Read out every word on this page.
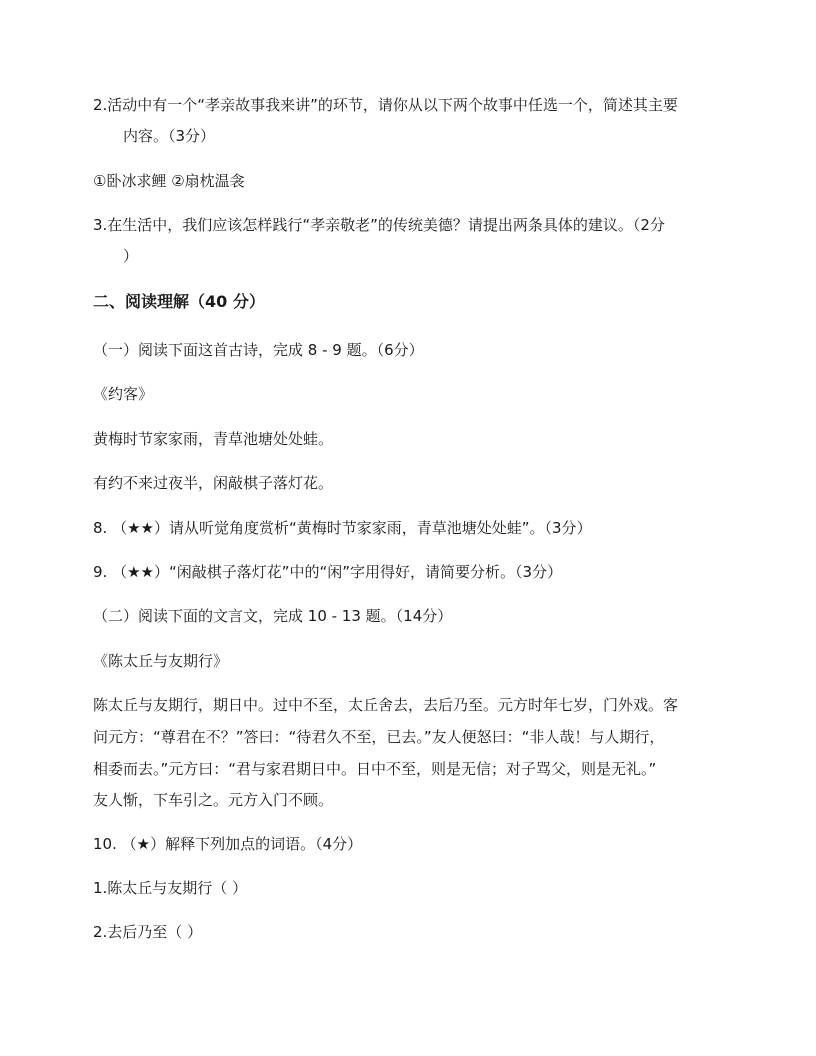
2.活动中有一个“孝亲故事我来讲”的环节，请你从以下两个故事中任选一个，简述其主要
内容。（3分）
①卧冰求鲤 ②扇枕温衾
3.在生活中，我们应该怎样践行“孝亲敬老”的传统美德？请提出两条具体的建议。（2分
）
二、阅读理解（40 分）
（一）阅读下面这首古诗，完成 8 - 9 题。（6分）
《约客》
黄梅时节家家雨，青草池塘处处蛙。
有约不来过夜半，闲敲棋子落灯花。
8. （★★）请从听觉角度赏析“黄梅时节家家雨，青草池塘处处蛙”。（3分）
9. （★★）“闲敲棋子落灯花”中的“闲”字用得好，请简要分析。（3分）
（二）阅读下面的文言文，完成 10 - 13 题。（14分）
《陈太丘与友期行》
陈太丘与友期行，期日中。过中不至，太丘舍去，去后乃至。元方时年七岁，门外戏。客
问元方：“尊君在不？”答曰：“待君久不至，已去。”友人便怒曰：“非人哉！与人期行，
相委而去。”元方曰：“君与家君期日中。日中不至，则是无信；对子骂父，则是无礼。”
友人惭，下车引之。元方入门不顾。
10. （★）解释下列加点的词语。（4分）
1.陈太丘与友期行（ ）
2.去后乃至（ ）
